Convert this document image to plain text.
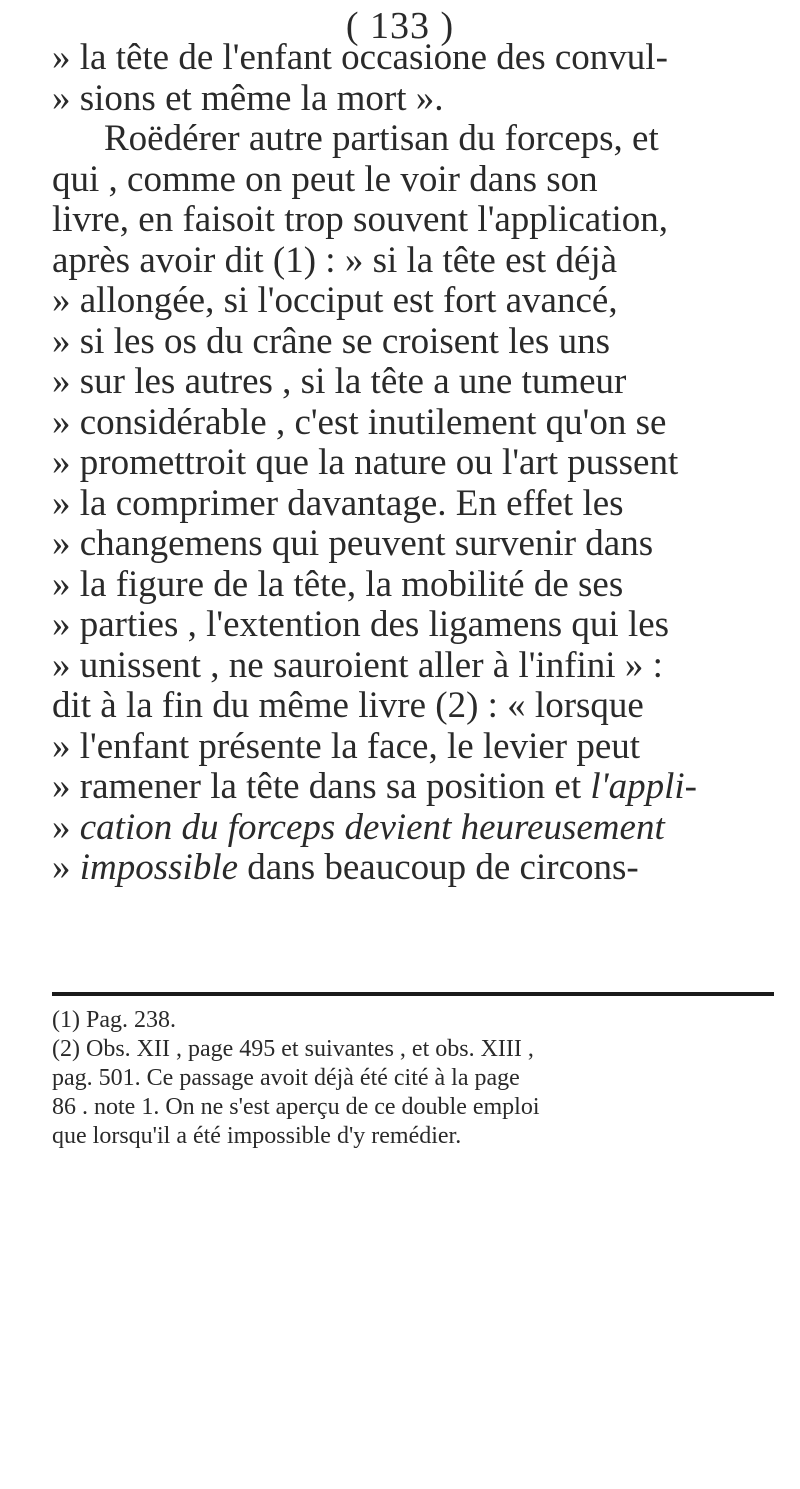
( 133 )
» la tête de l'enfant occasione des convul-
» sions et même la mort ».
Roëdérer autre partisan du forceps, et
qui , comme on peut le voir dans son
livre, en faisoit trop souvent l'application,
après avoir dit (1) : » si la tête est déjà
» allongée, si l'occiput est fort avancé,
» si les os du crâne se croisent les uns
» sur les autres , si la tête a une tumeur
» considérable , c'est inutilement qu'on se
» promettroit que la nature ou l'art pussent
» la comprimer davantage. En effet les
» changemens qui peuvent survenir dans
» la figure de la tête, la mobilité de ses
» parties , l'extention des ligamens qui les
» unissent , ne sauroient aller à l'infini » :
dit à la fin du même livre (2) : « lorsque
» l'enfant présente la face, le levier peut
» ramener la tête dans sa position et l'appli-
» cation du forceps devient heureusement
» impossible dans beaucoup de circons-
(1) Pag. 238.
(2) Obs. XII , page 495 et suivantes , et obs. XIII ,
pag. 501. Ce passage avoit déjà été cité à la page
86 . note 1. On ne s'est aperçu de ce double emploi
que lorsqu'il a été impossible d'y remédier.
